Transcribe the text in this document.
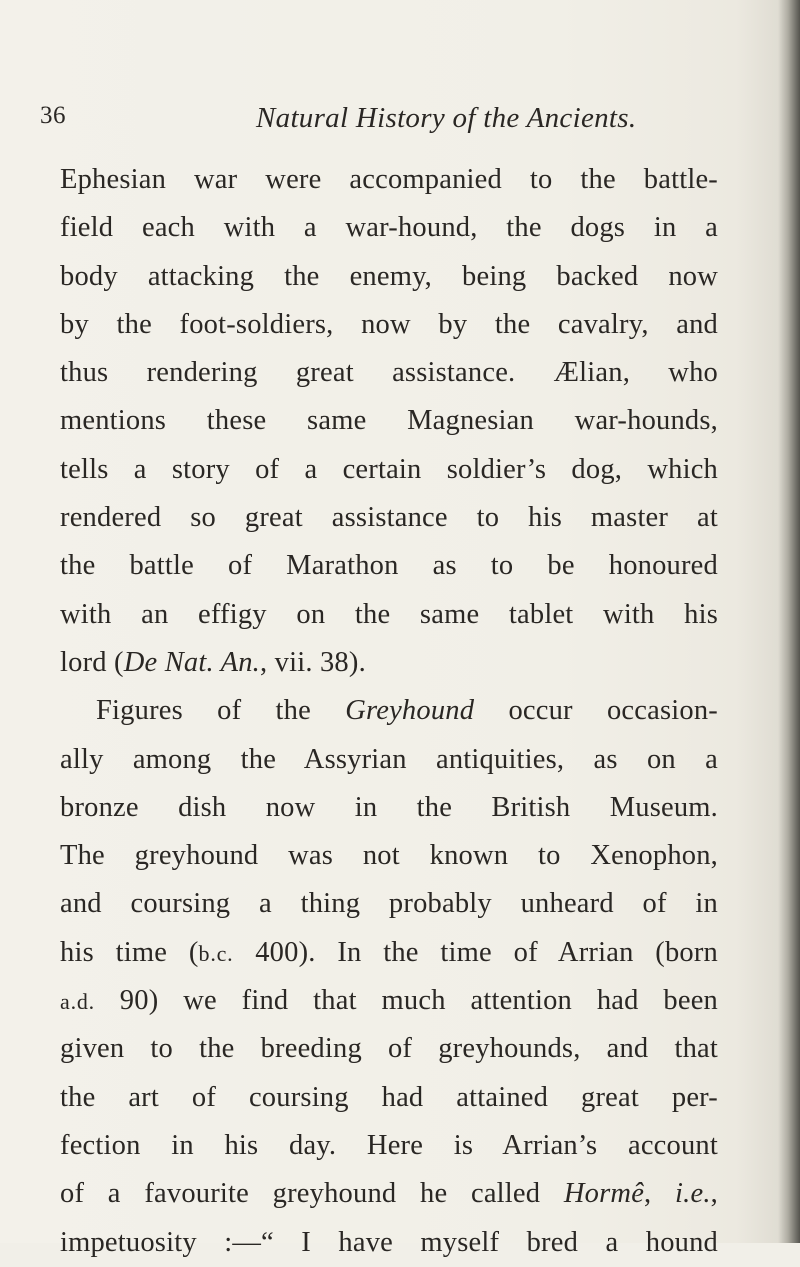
36	Natural History of the Ancients.
Ephesian war were accompanied to the battle-
field each with a war-hound, the dogs in a
body attacking the enemy, being backed now
by the foot-soldiers, now by the cavalry, and
thus rendering great assistance. Ælian, who
mentions these same Magnesian war-hounds,
tells a story of a certain soldier’s dog, which
rendered so great assistance to his master at
the battle of Marathon as to be honoured
with an effigy on the same tablet with his
lord (De Nat. An., vii. 38).
Figures of the Greyhound occur occasion-
ally among the Assyrian antiquities, as on a
bronze dish now in the British Museum.
The greyhound was not known to Xenophon,
and coursing a thing probably unheard of in
his time (b.c. 400). In the time of Arrian (born
a.d. 90) we find that much attention had been
given to the breeding of greyhounds, and that
the art of coursing had attained great per-
fection in his day. Here is Arrian’s account
of a favourite greyhound he called Hormê, i.e.,
impetuosity :—“ I have myself bred a hound
